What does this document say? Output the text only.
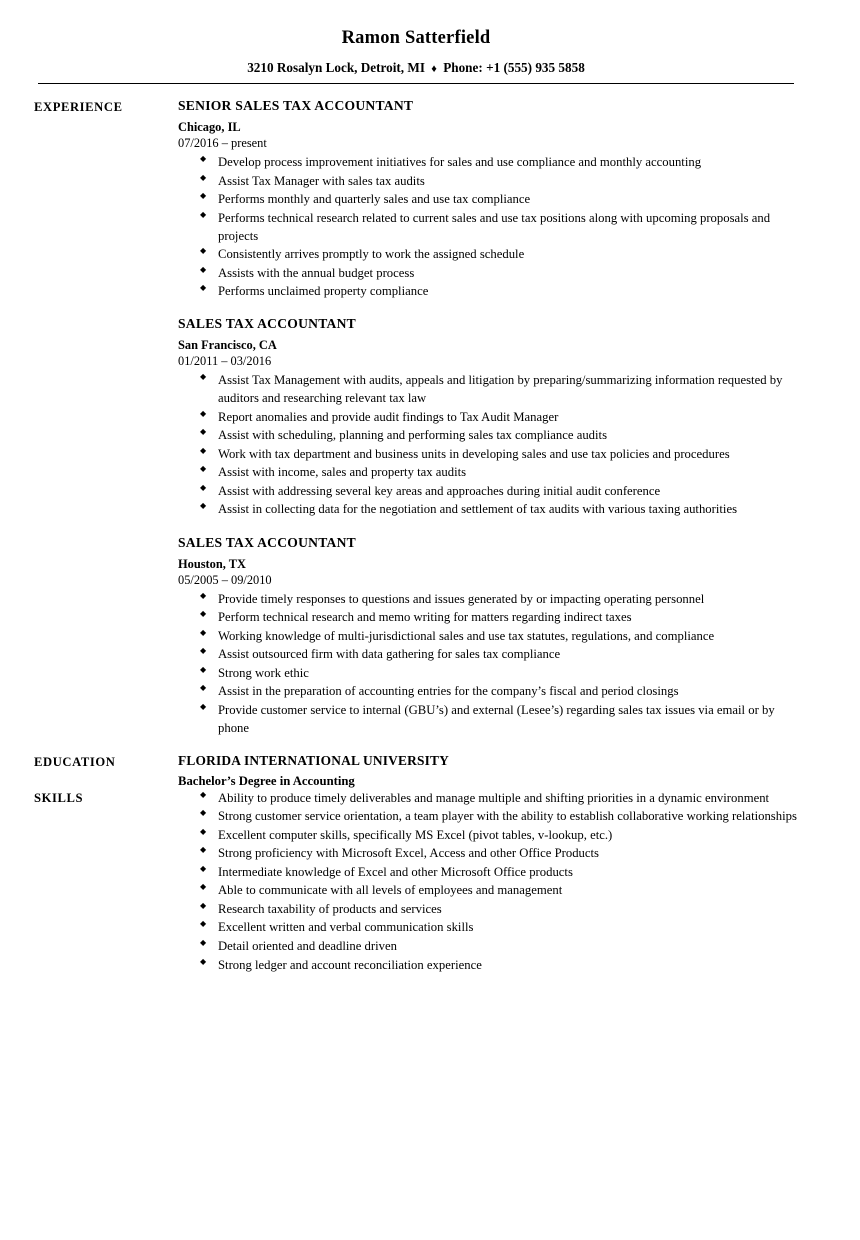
Ramon Satterfield
3210 Rosalyn Lock, Detroit, MI ♦ Phone: +1 (555) 935 5858
EXPERIENCE	SENIOR SALES TAX ACCOUNTANT
Chicago, IL
07/2016 – present
◆ Develop process improvement initiatives for sales and use compliance and monthly accounting
◆ Assist Tax Manager with sales tax audits
◆ Performs monthly and quarterly sales and use tax compliance
◆ Performs technical research related to current sales and use tax positions along with upcoming proposals and projects
◆ Consistently arrives promptly to work the assigned schedule
◆ Assists with the annual budget process
◆ Performs unclaimed property compliance
SALES TAX ACCOUNTANT
San Francisco, CA
01/2011 – 03/2016
◆ Assist Tax Management with audits, appeals and litigation by preparing/summarizing information requested by auditors and researching relevant tax law
◆ Report anomalies and provide audit findings to Tax Audit Manager
◆ Assist with scheduling, planning and performing sales tax compliance audits
◆ Work with tax department and business units in developing sales and use tax policies and procedures
◆ Assist with income, sales and property tax audits
◆ Assist with addressing several key areas and approaches during initial audit conference
◆ Assist in collecting data for the negotiation and settlement of tax audits with various taxing authorities
SALES TAX ACCOUNTANT
Houston, TX
05/2005 – 09/2010
◆ Provide timely responses to questions and issues generated by or impacting operating personnel
◆ Perform technical research and memo writing for matters regarding indirect taxes
◆ Working knowledge of multi-jurisdictional sales and use tax statutes, regulations, and compliance
◆ Assist outsourced firm with data gathering for sales tax compliance
◆ Strong work ethic
◆ Assist in the preparation of accounting entries for the company’s fiscal and period closings
◆ Provide customer service to internal (GBU’s) and external (Lesee’s) regarding sales tax issues via email or by phone
EDUCATION	FLORIDA INTERNATIONAL UNIVERSITY
Bachelor’s Degree in Accounting
SKILLS	◆ Ability to produce timely deliverables and manage multiple and shifting priorities in a dynamic environment
◆ Strong customer service orientation, a team player with the ability to establish collaborative working relationships
◆ Excellent computer skills, specifically MS Excel (pivot tables, v-lookup, etc.)
◆ Strong proficiency with Microsoft Excel, Access and other Office Products
◆ Intermediate knowledge of Excel and other Microsoft Office products
◆ Able to communicate with all levels of employees and management
◆ Research taxability of products and services
◆ Excellent written and verbal communication skills
◆ Detail oriented and deadline driven
◆ Strong ledger and account reconciliation experience
